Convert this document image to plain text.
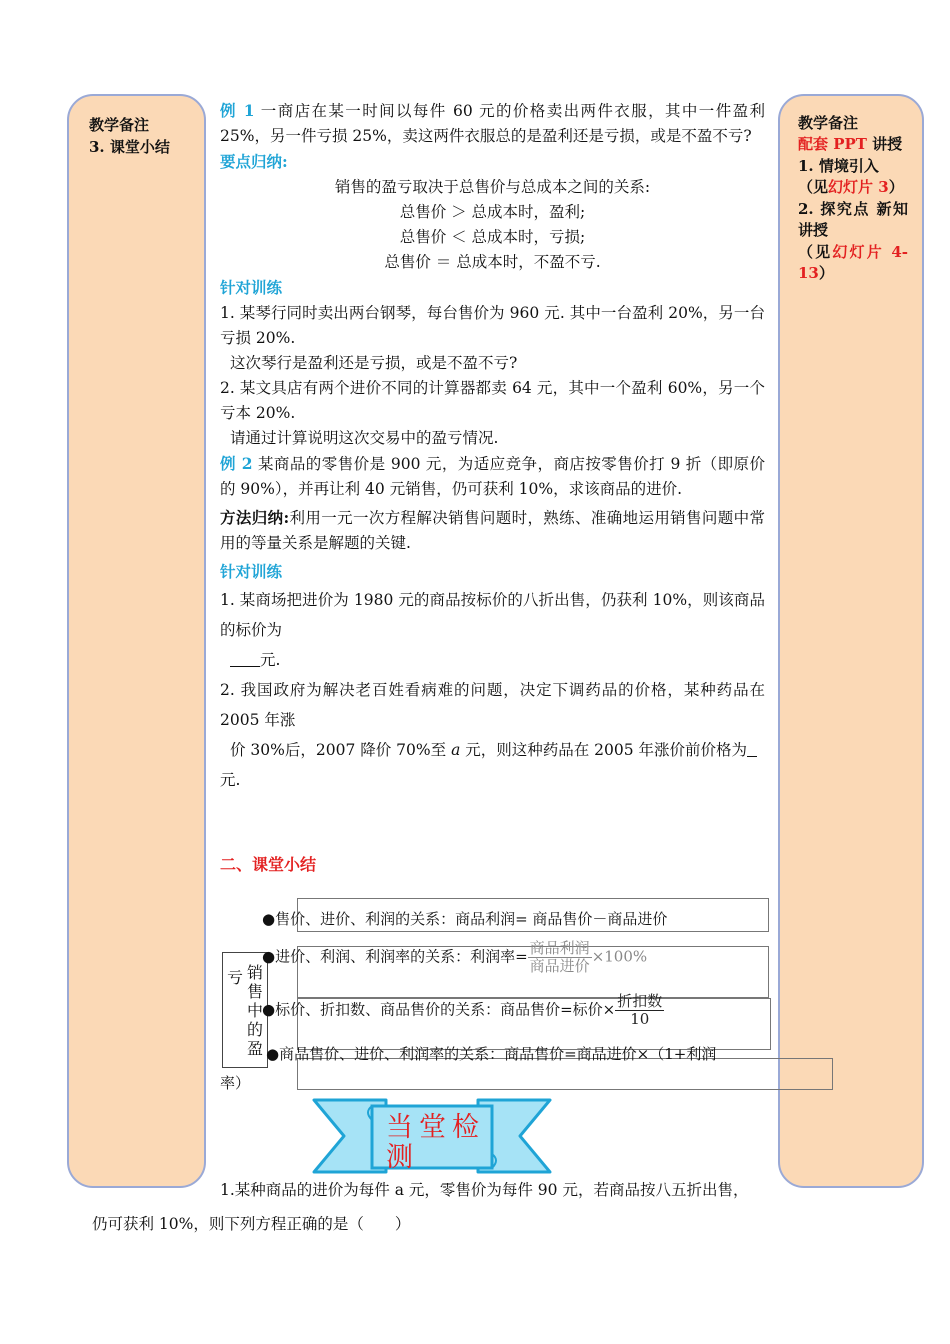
教学备注
3. 课堂小结
教学备注
配套 PPT 讲授
1. 情境引入
（见幻灯片 3）
2. 探究点 新知讲授
（见幻灯片 4-13）

例 1 一商店在某一时间以每件 60 元的价格卖出两件衣服，其中一件盈利 25%，另一件亏损 25%，卖这两件衣服总的是盈利还是亏损，或是不盈不亏?

要点归纳:

销售的盈亏取决于总售价与总成本之间的关系:

总售价 ＞ 总成本时，盈利;

总售价 ＜ 总成本时，亏损;

总售价 ＝ 总成本时，不盈不亏.

针对训练

1. 某琴行同时卖出两台钢琴，每台售价为 960 元. 其中一台盈利 20%，另一台亏损 20%.

这次琴行是盈利还是亏损，或是不盈不亏?

2. 某文具店有两个进价不同的计算器都卖 64 元，其中一个盈利 60%，另一个亏本 20%.

请通过计算说明这次交易中的盈亏情况.

例 2 某商品的零售价是 900 元，为适应竞争，商店按零售价打 9 折（即原价的 90%），并再让利 40 元销售，仍可获利 10%，求该商品的进价.

方法归纳:利用一元一次方程解决销售问题时，熟练、准确地运用销售问题中常用的等量关系是解题的关键.

针对训练

1. 某商场把进价为 1980 元的商品按标价的八折出售，仍获利 10%，则该商品的标价为

元.

2. 我国政府为解决老百姓看病难的问题，决定下调药品的价格，某种药品在 2005 年涨

价 30%后，2007 降价 70%至 a 元，则这种药品在 2005 年涨价前价格为

元.

二、课堂小结
亏 销售中的盈
●售价、进价、利润的关系：商品利润= 商品售价－商品进价
●进价、利润、利润率的关系：利润率= $\frac{\text{商品利润}}{\text{商品进价}} \times 100\%$
●标价、折扣数、商品售价的关系：商品售价=标价× $\frac{\text{折扣数}}{10}$
●商品售价、进价、利润率的关系：商品售价=商品进价×（1+利润
率）
当堂检测
1.某种商品的进价为每件 a 元，零售价为每件 90 元，若商品按八五折出售，
仍可获利 10%，则下列方程正确的是（　　）
